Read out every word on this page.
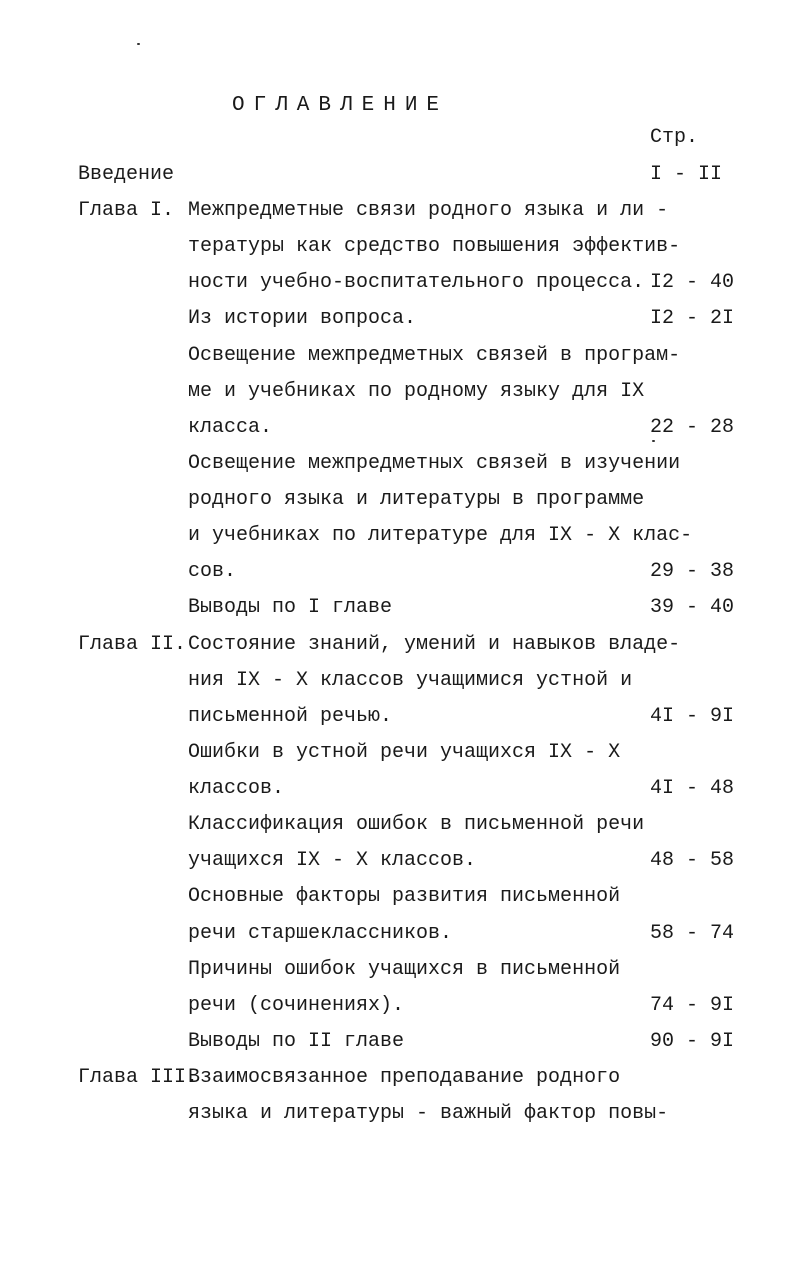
ОГЛАВЛЕНИЕ
Стр.
Введение	I - II
Глава I. Межпредметные связи родного языка и ли -
тературы как средство повышения эффектив-
ности учебно-воспитательного процесса. I2 - 40
Из истории вопроса.	I2 - 2I
Освещение межпредметных связей в програм-
ме и учебниках по родному языку для IX
класса.	22 - 28
Освещение межпредметных связей в изучении
родного языка и литературы в программе
и учебниках по литературе для IX - X клас-
сов.	29 - 38
Выводы по I главе	39 - 40
Глава II. Состояние знаний, умений и навыков владе-
ния IX - X классов учащимися устной и
письменной речью.	4I - 9I
Ошибки в устной речи учащихся IX - X
классов.	4I - 48
Классификация ошибок в письменной речи
учащихся IX - X классов.	48 - 58
Основные факторы развития письменной
речи старшеклассников.	58 - 74
Причины ошибок учащихся в письменной
речи (сочинениях).	74 - 9I
Выводы по II главе	90 - 9I
Глава III.
Взаимосвязанное преподавание родного
языка и литературы - важный фактор повы-
